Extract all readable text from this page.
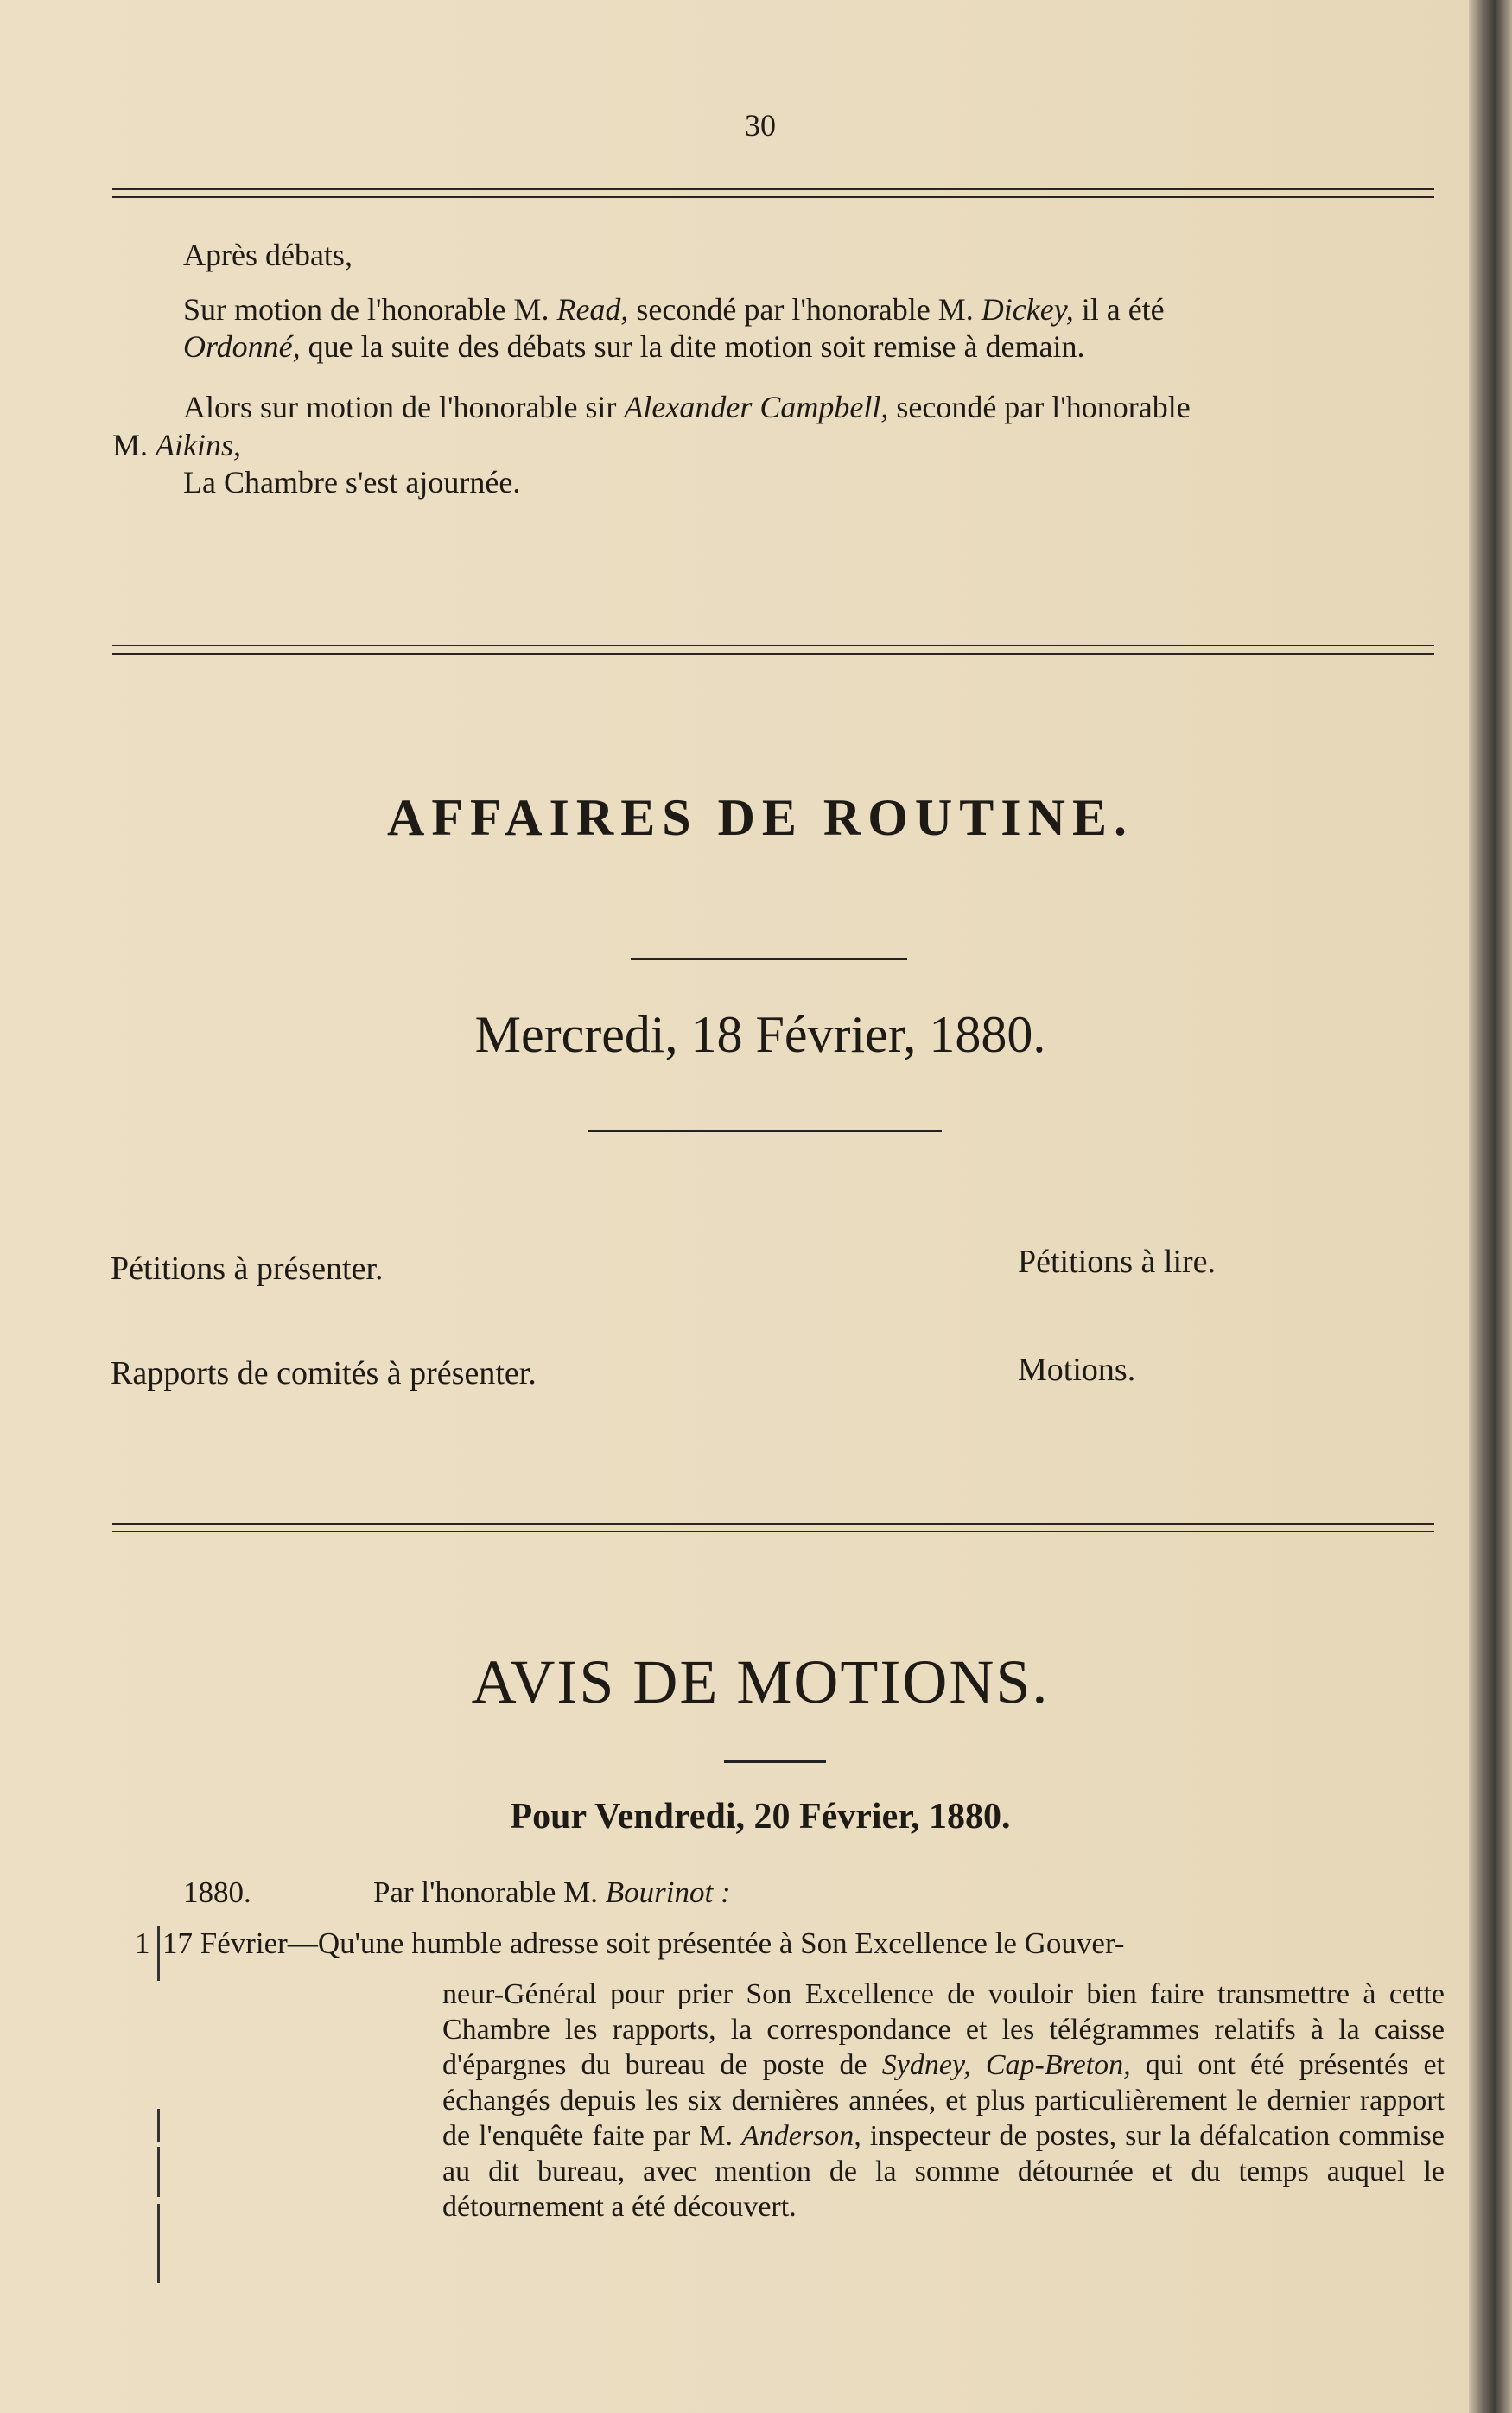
30
Après débats,
Sur motion de l'honorable M. Read, secondé par l'honorable M. Dickey, il a été
Ordonné, que la suite des débats sur la dite motion soit remise à demain.
Alors sur motion de l'honorable sir Alexander Campbell, secondé par l'honorable
M. Aikins,
La Chambre s'est ajournée.
AFFAIRES DE ROUTINE.
Mercredi, 18 Février, 1880.
Pétitions à présenter.	Pétitions à lire.
Rapports de comités à présenter.	Motions.
AVIS DE MOTIONS.
Pour Vendredi, 20 Février, 1880.
1880.	Par l'honorable M. Bourinot :
1 17 Février—Qu'une humble adresse soit présentée à Son Excellence le Gouver-
neur-Général pour prier Son Excellence de vouloir bien faire transmettre à cette Chambre les rapports, la correspondance et les télégrammes relatifs à la caisse d'épargnes du bureau de poste de Sydney, Cap-Breton, qui ont été présentés et échangés depuis les six dernières années, et plus particulièrement le dernier rapport de l'enquête faite par M. Anderson, inspecteur de postes, sur la défalcation commise au dit bureau, avec mention de la somme détournée et du temps auquel le détournement a été découvert.
